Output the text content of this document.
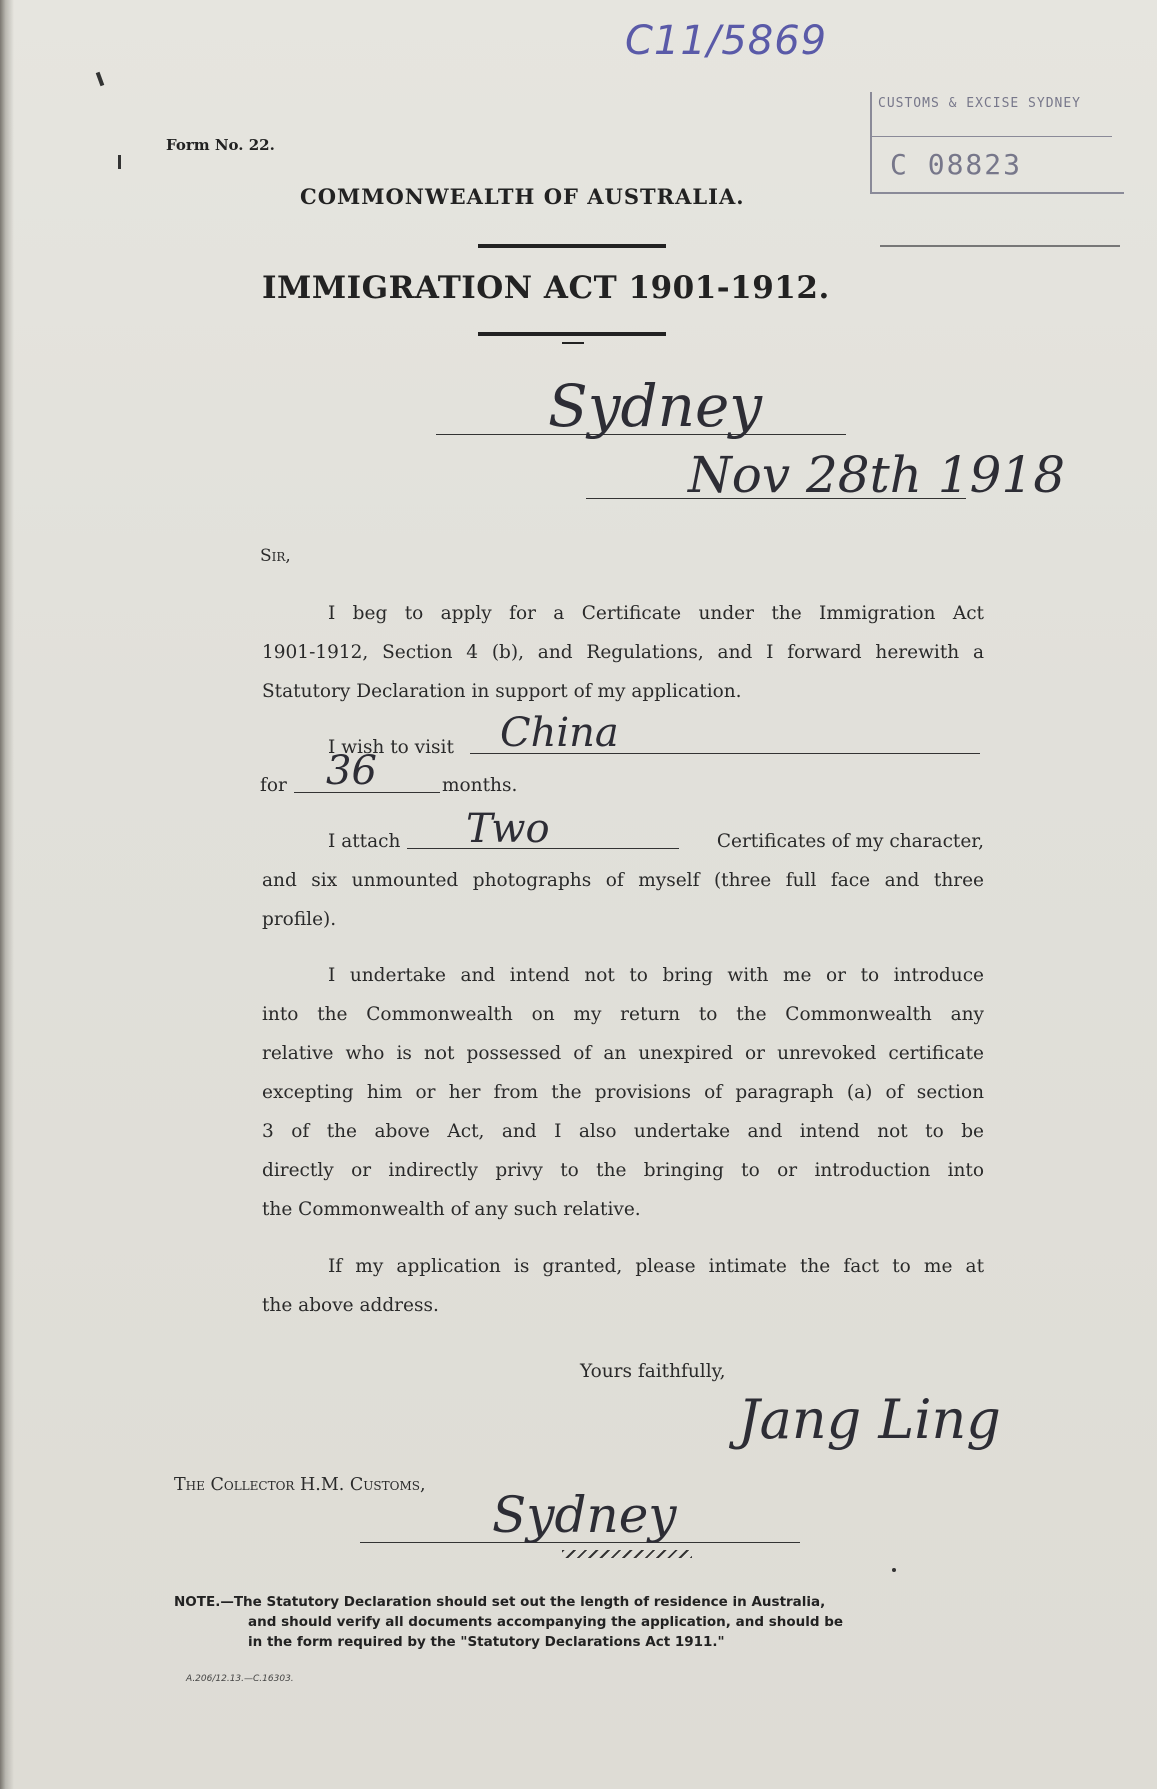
C11/5869
CUSTOMS & EXCISE SYDNEY
C 08823
Form No. 22.
COMMONWEALTH OF AUSTRALIA.
IMMIGRATION ACT 1901-1912.
Sydney
Nov 28th 1918
Sir,
I beg to apply for a Certificate under the Immigration Act
1901-1912, Section 4 (b), and Regulations, and I forward herewith a
Statutory Declaration in support of my application.
I wish to visit China
for 36	months.
I attach Two	Certificates of my character,
and six unmounted photographs of myself (three full face and three
profile).
I undertake and intend not to bring with me or to introduce
into the Commonwealth on my return to the Commonwealth any
relative who is not possessed of an unexpired or unrevoked certificate
excepting him or her from the provisions of paragraph (a) of section
3 of the above Act, and I also undertake and intend not to be
directly or indirectly privy to the bringing to or introduction into
the Commonwealth of any such relative.
If my application is granted, please intimate the fact to me at
the above address.
Yours faithfully,
Jang Ling
The Collector H.M. Customs,
Sydney
NOTE.—The Statutory Declaration should set out the length of residence in Australia,
and should verify all documents accompanying the application, and should be
in the form required by the "Statutory Declarations Act 1911."
A.206/12.13.—C.16303.
